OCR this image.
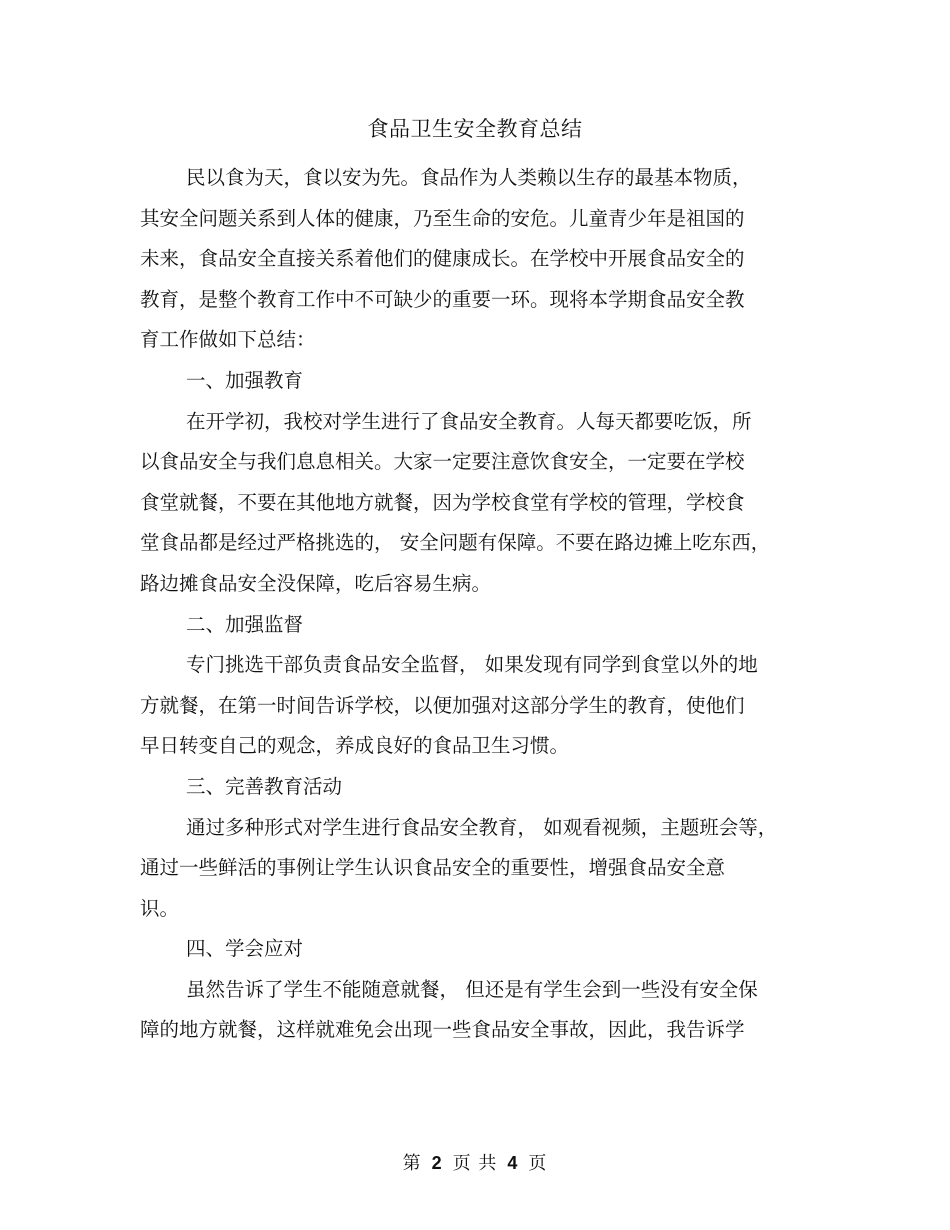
食品卫生安全教育总结
民以食为天，食以安为先。食品作为人类赖以生存的最基本物质，
其安全问题关系到人体的健康，乃至生命的安危。儿童青少年是祖国的
未来，食品安全直接关系着他们的健康成长。在学校中开展食品安全的
教育，是整个教育工作中不可缺少的重要一环。现将本学期食品安全教
育工作做如下总结：
一、加强教育
在开学初，我校对学生进行了食品安全教育。人每天都要吃饭，所
以食品安全与我们息息相关。大家一定要注意饮食安全，一定要在学校
食堂就餐，不要在其他地方就餐，因为学校食堂有学校的管理，学校食
堂食品都是经过严格挑选的， 安全问题有保障。不要在路边摊上吃东西，
路边摊食品安全没保障，吃后容易生病。
二、加强监督
专门挑选干部负责食品安全监督， 如果发现有同学到食堂以外的地
方就餐，在第一时间告诉学校，以便加强对这部分学生的教育，使他们
早日转变自己的观念，养成良好的食品卫生习惯。
三、完善教育活动
通过多种形式对学生进行食品安全教育， 如观看视频，主题班会等，
通过一些鲜活的事例让学生认识食品安全的重要性，增强食品安全意
识。
四、学会应对
虽然告诉了学生不能随意就餐， 但还是有学生会到一些没有安全保
障的地方就餐，这样就难免会出现一些食品安全事故，因此，我告诉学
第 2 页 共 4 页
